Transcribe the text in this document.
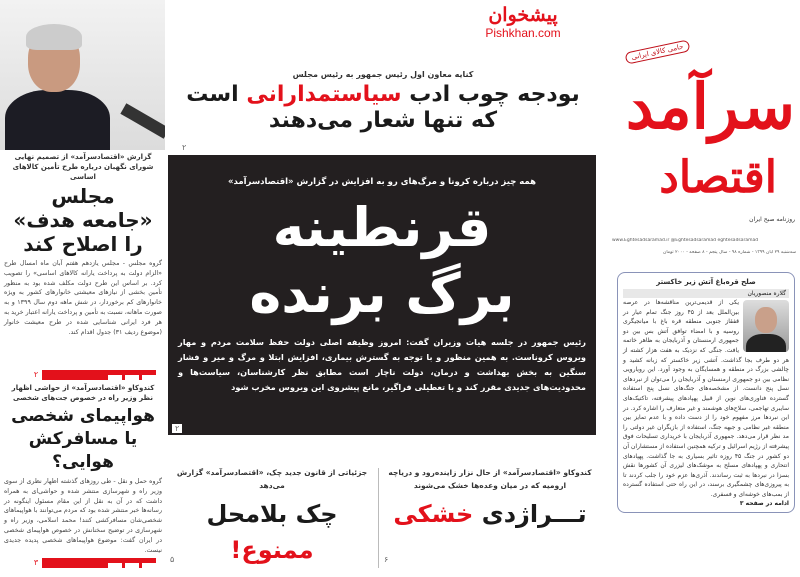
پیشخوان
Pishkhan.com
حامی کالای ایرانی
سرآمد
اقتصاد
روزنامه صبح ایران
www.Eghtesadsaramad.ir @Eghtesadsaramad eghtesadsaramad
سه‌شنبه ۲۹ آبان ۱۳۹۹ - شماره ۹۸ - سال پنجم - ۸ صفحه - ۲۰۰۰ تومان
کنایه معاون اول رئیس جمهور به رئیس مجلس
بودجه چوب ادب سیاستمدارانی است
که تنها شعار می‌دهند
۲
همه چیز درباره کرونا و مرگ‌های رو به افزایش در گزارش «اقتصادسرآمد»
قرنطینه
برگ برنده
رئیس جمهور در جلسه هیات وزیران گفت: امروز وظیفه اصلی دولت حفظ سلامت مردم و مهار ویروس کروناست. به همین منظور و با توجه به گسترش بیماری، افزایش ابتلا و مرگ و میر و فشار سنگین به بخش بهداشت و درمان، دولت ناچار است مطابق نظر کارشناسان، سیاست‌ها و محدودیت‌های جدیدی مقرر کند و با تعطیلی فراگیر، مانع پیشروی این ویروس مخرب شود
۲
گزارش «اقتصادسرآمد» از تصمیم نهایی شورای نگهبان درباره طرح تأمین کالاهای اساسی
مجلس
«جامعه هدف»
را اصلاح کند
گروه مجلس - مجلس یازدهم هفتم آبان ماه امسال طرح «الزام دولت به پرداخت یارانه کالاهای اساسی» را تصویب کرد. بر اساس این طرح دولت مکلف شده بود به منظور تأمین بخشی از نیازهای معیشتی خانوارهای کشور به ویژه خانوارهای کم برخوردار، در شش ماهه دوم سال ۱۳۹۹ و به صورت ماهانه، نسبت به تأمین و پرداخت یارانه اعتبار خرید به هر فرد ایرانی شناسایی شده در طرح معیشت خانوار (موضوع ردیف ۳۱) جدول اقدام کند.
۲
کندوکاو «اقتصادسرآمد» از حواشی اظهار نظر وزیر راه در خصوص جت‌های شخصی
هواپیمای شخصی
یا مسافرکش هوایی؟
گروه حمل و نقل - طی روزهای گذشته اظهار نظری از سوی وزیر راه و شهرسازی منتشر شده و حواشی‌ای به همراه داشت که در آن به نقل از این مقام مسئول اینگونه در رسانه‌ها خبر منتشر شده بود که مردم می‌توانند با هواپیماهای شخصی‌شان مسافرکشی کنند! محمد اسلامی، وزیر راه و شهرسازی در توضیح سخنانش در خصوص هواپیمای شخصی در ایران گفت: موضوع هواپیماهای شخصی پدیده جدیدی نیست.
۳
جزئیاتی از قانون جدید چک، «اقتصادسرآمد» گزارش می‌دهد
چک بلامحل ممنوع!
۵
کندوکاو «اقتصادسرآمد» از حال نزار زاینده‌رود و دریاچه ارومیه که در میان وعده‌ها خشک می‌شوند
تـــراژدی خشکی
۶
صلح قره‌باغ آتش زیر خاکستر
گلاره منصوریان
یکی از قدیمی‌ترین مناقشه‌ها در عرصه بین‌الملل بعد از ۴۵ روز جنگ تمام عیار در قفقاز جنوبی منطقه قره باغ با میانجیگری روسیه و با امضاء توافق آتش بس بین دو جمهوری ارمنستان و آذربایجان به ظاهر خاتمه یافت. جنگی که نزدیک به هفت هزار کشته از هر دو طرف بجا گذاشت. آتشی زیر خاکستر که زبانه کشید و چالشی بزرگ در منطقه و همسایگان به وجود آورد. این رویارویی نظامی بین دو جمهوری ارمنستان و آذربایجان را می‌توان از نبردهای نسل پنج دانست. از مشخصه‌های جنگ‌های نسل پنج استفاده گسترده فناوری‌های نوین از قبیل پهپادهای پیشرفته، تاکتیک‌های سایبری تهاجمی، سلاح‌های هوشمند و غیر متعارف را اشاره کرد. در این نبردها مرز مفهوم خود را از دست داده و با عدم تمایز بین منطقه غیر نظامی و جبهه جنگ، استفاده از بازیگران غیر دولتی را مد نظر قرار می‌دهد. جمهوری آذربایجان با خریداری تسلیحات فوق پیشرفته از رژیم اسرائیل و ترکیه همچنین استفاده از مستشاران آن دو کشور در جنگ ۴۵ روزه تاثیر بسیاری به جا گذاشت. پهپادهای انتحاری و پهپادهای مسلح به موشک‌های لیزری آن کشورها نقش بسزا در نبردها به ثبت رساندند. آذری‌ها عزم خود را جلب کردند تا به پیروزی‌های چشمگیری برسند، در این راه حتی استفاده گسترده از بمب‌های خوشه‌ای و فسفری.
ادامه در صفحه ۳
